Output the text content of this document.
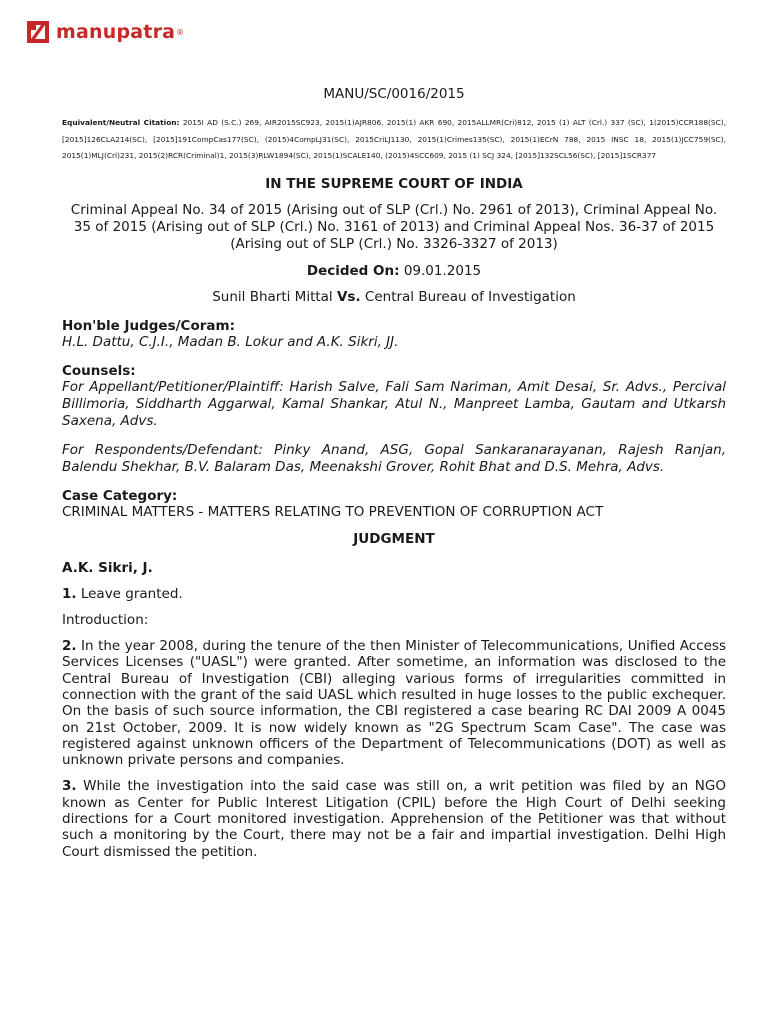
manupatra ®

MANU/SC/0016/2015

Equivalent/Neutral Citation: 2015I AD (S.C.) 269, AIR2015SC923, 2015(1)AJR806, 2015(1) AKR 690, 2015ALLMR(Cri)812, 2015 (1) ALT (Crl.) 337 (SC), 1(2015)CCR188(SC), [2015]126CLA214(SC), [2015]191CompCas177(SC), (2015)4CompLJ31(SC), 2015CriLJ1130, 2015(1)Crimes135(SC), 2015(1)ECrN 788, 2015 INSC 18, 2015(1)JCC759(SC), 2015(1)MLJ(Crl)231, 2015(2)RCR(Criminal)1, 2015(3)RLW1894(SC), 2015(1)SCALE140, (2015)4SCC609, 2015 (1) SCJ 324, [2015]132SCL56(SC), [2015]1SCR377

IN THE SUPREME COURT OF INDIA

Criminal Appeal No. 34 of 2015 (Arising out of SLP (Crl.) No. 2961 of 2013), Criminal Appeal No. 35 of 2015 (Arising out of SLP (Crl.) No. 3161 of 2013) and Criminal Appeal Nos. 36-37 of 2015 (Arising out of SLP (Crl.) No. 3326-3327 of 2013)

Decided On: 09.01.2015

Sunil Bharti Mittal Vs. Central Bureau of Investigation

Hon'ble Judges/Coram:

H.L. Dattu, C.J.I., Madan B. Lokur and A.K. Sikri, JJ.

Counsels:

For Appellant/Petitioner/Plaintiff: Harish Salve, Fali Sam Nariman, Amit Desai, Sr. Advs., Percival Billimoria, Siddharth Aggarwal, Kamal Shankar, Atul N., Manpreet Lamba, Gautam and Utkarsh Saxena, Advs.

For Respondents/Defendant: Pinky Anand, ASG, Gopal Sankaranarayanan, Rajesh Ranjan, Balendu Shekhar, B.V. Balaram Das, Meenakshi Grover, Rohit Bhat and D.S. Mehra, Advs.

Case Category:

CRIMINAL MATTERS - MATTERS RELATING TO PREVENTION OF CORRUPTION ACT

JUDGMENT

A.K. Sikri, J.

1. Leave granted.

Introduction:

2. In the year 2008, during the tenure of the then Minister of Telecommunications, Unified Access Services Licenses ("UASL") were granted. After sometime, an information was disclosed to the Central Bureau of Investigation (CBI) alleging various forms of irregularities committed in connection with the grant of the said UASL which resulted in huge losses to the public exchequer. On the basis of such source information, the CBI registered a case bearing RC DAI 2009 A 0045 on 21st October, 2009. It is now widely known as "2G Spectrum Scam Case". The case was registered against unknown officers of the Department of Telecommunications (DOT) as well as unknown private persons and companies.

3. While the investigation into the said case was still on, a writ petition was filed by an NGO known as Center for Public Interest Litigation (CPIL) before the High Court of Delhi seeking directions for a Court monitored investigation. Apprehension of the Petitioner was that without such a monitoring by the Court, there may not be a fair and impartial investigation. Delhi High Court dismissed the petition.
